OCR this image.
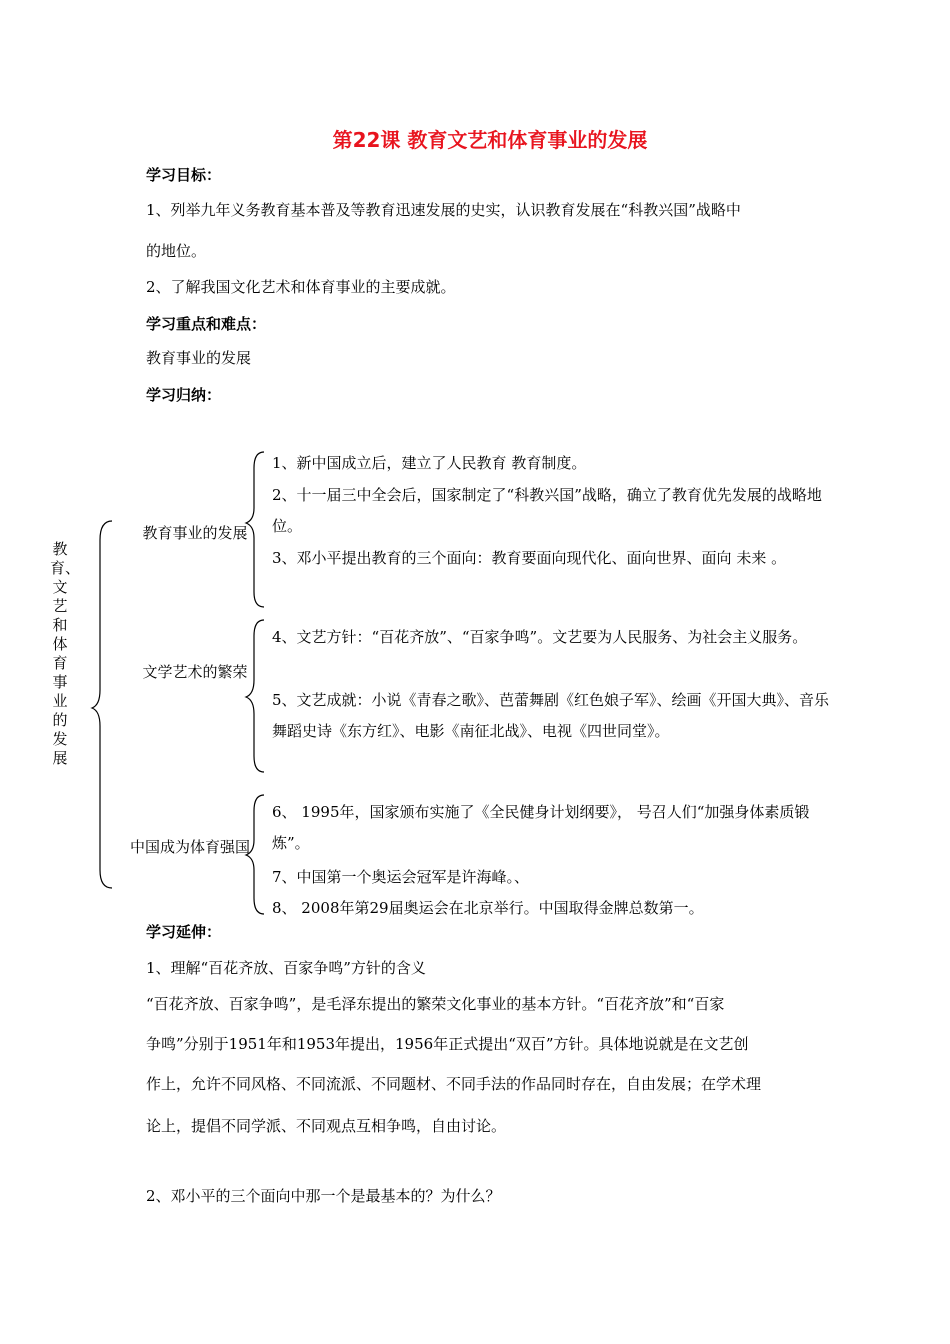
第22课 教育文艺和体育事业的发展
学习目标：
1、列举九年义务教育基本普及等教育迅速发展的史实，认识教育发展在“科教兴国”战略中
的地位。
2、了解我国文化艺术和体育事业的主要成就。
学习重点和难点：
教育事业的发展
学习归纳：
教育、文艺和体育事业的发展
教育事业的发展
文学艺术的繁荣
中国成为体育强国
1、新中国成立后，建立了人民教育 教育制度。
2、十一届三中全会后，国家制定了“科教兴国”战略，确立了教育优先发展的战略地位。
3、邓小平提出教育的三个面向：教育要面向现代化、面向世界、面向 未来 。
4、文艺方针：“百花齐放”、“百家争鸣”。文艺要为人民服务、为社会主义服务。
5、文艺成就：小说《青春之歌》、芭蕾舞剧《红色娘子军》、绘画《开国大典》、音乐舞蹈史诗《东方红》、电影《南征北战》、电视《四世同堂》。
6、 1995年，国家颁布实施了《全民健身计划纲要》， 号召人们“加强身体素质锻炼”。
7、中国第一个奥运会冠军是许海峰。、
8、 2008年第29届奥运会在北京举行。中国取得金牌总数第一。
学习延伸：
1、理解“百花齐放、百家争鸣”方针的含义
“百花齐放、百家争鸣”，是毛泽东提出的繁荣文化事业的基本方针。“百花齐放”和“百家
争鸣”分别于1951年和1953年提出，1956年正式提出“双百”方针。具体地说就是在文艺创
作上，允许不同风格、不同流派、不同题材、不同手法的作品同时存在，自由发展；在学术理
论上，提倡不同学派、不同观点互相争鸣，自由讨论。
2、邓小平的三个面向中那一个是最基本的？为什么？
